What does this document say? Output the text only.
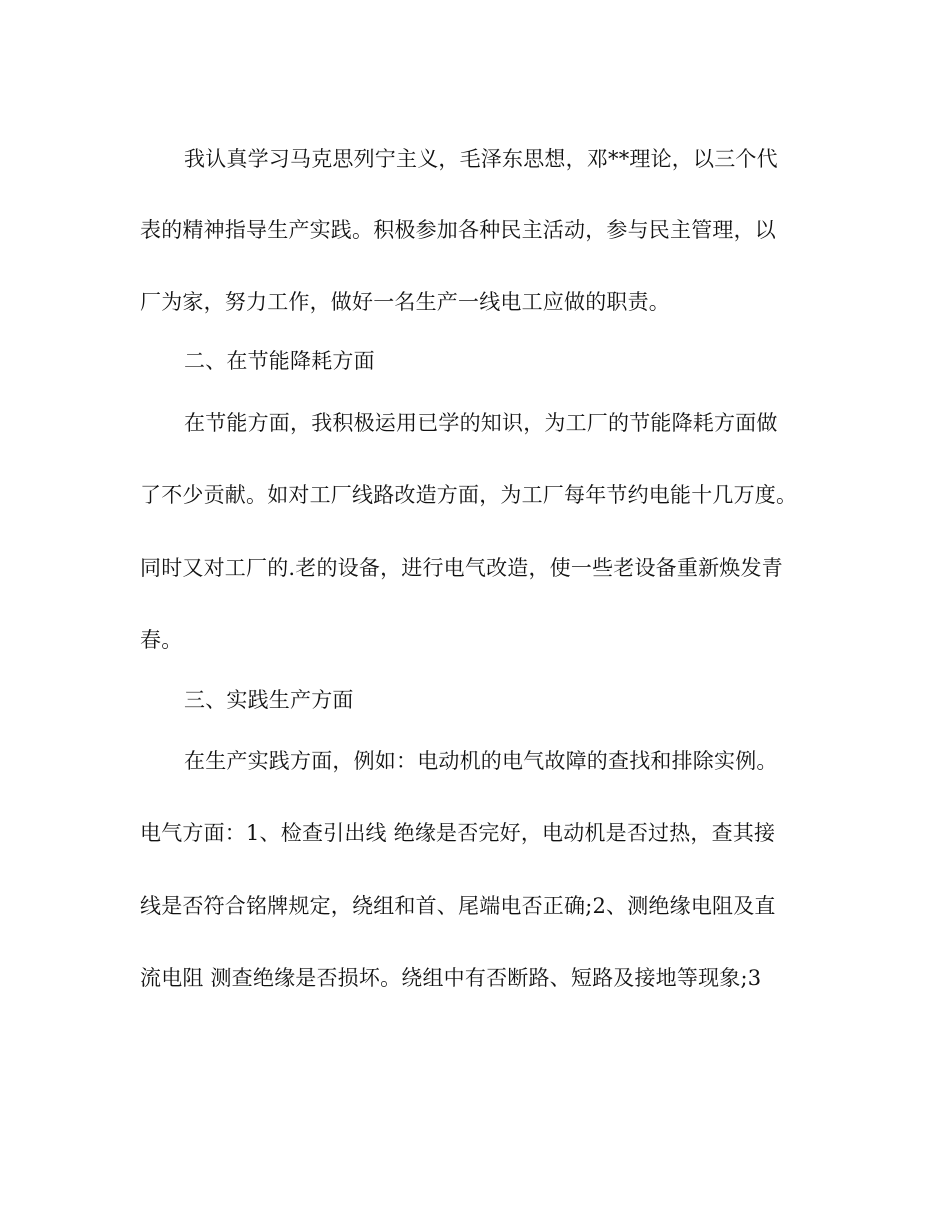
我认真学习马克思列宁主义，毛泽东思想，邓**理论，以三个代
表的精神指导生产实践。积极参加各种民主活动，参与民主管理，以
厂为家，努力工作，做好一名生产一线电工应做的职责。
二、在节能降耗方面
在节能方面，我积极运用已学的知识，为工厂的节能降耗方面做
了不少贡献。如对工厂线路改造方面，为工厂每年节约电能十几万度。
同时又对工厂的.老的设备，进行电气改造，使一些老设备重新焕发青
春。
三、实践生产方面
在生产实践方面，例如：电动机的电气故障的查找和排除实例。
电气方面：1、检查引出线 绝缘是否完好，电动机是否过热，查其接
线是否符合铭牌规定，绕组和首、尾端电否正确;2、测绝缘电阻及直
流电阻 测查绝缘是否损坏。绕组中有否断路、短路及接地等现象;3
